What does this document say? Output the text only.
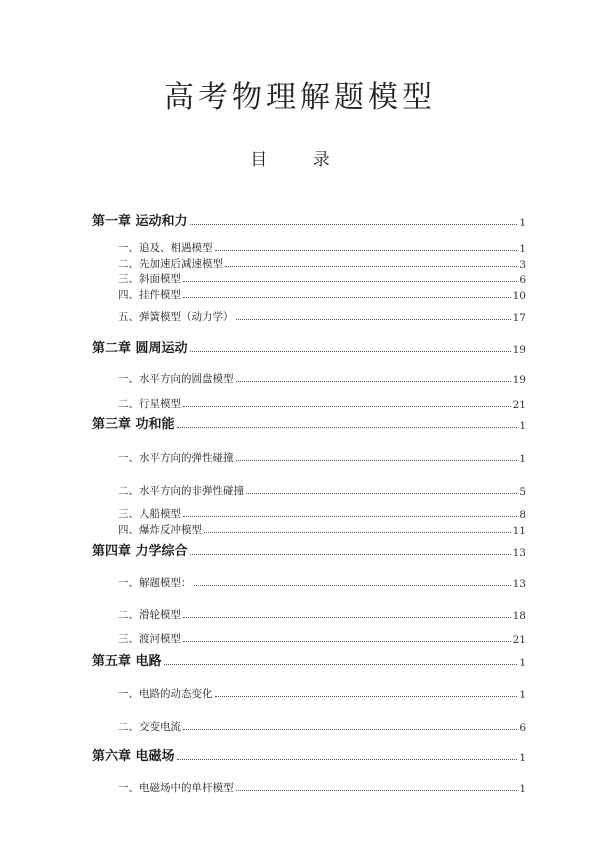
高考物理解题模型
目 录
第一章 运动和力	1
一、追及、相遇模型	1
二、先加速后减速模型	3
三、斜面模型	6
四、挂件模型	10
五、弹簧模型（动力学）	17
第二章 圆周运动	19
一、水平方向的圆盘模型	19
二、行星模型	21
第三章 功和能	1
一、水平方向的弹性碰撞	1
二、水平方向的非弹性碰撞	5
三、人船模型	8
四、爆炸反冲模型	11
第四章 力学综合	13
一、解题模型：	13
二、滑轮模型	18
三、渡河模型	21
第五章 电路	1
一、电路的动态变化	1
二、交变电流	6
第六章 电磁场	1
一、电磁场中的单杆模型	1
